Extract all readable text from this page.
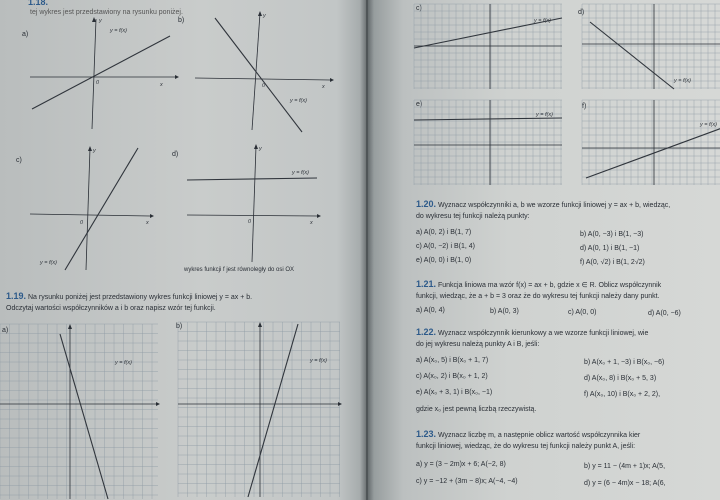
1.18.
tej wykres jest przedstawiony na rysunku poniżej.
a)	y = f(x)
x
y
0
b)
y = f(x)
x
y
0
c)
y = f(x)
x
y
0
d)
y = f(x)
x
y
0
wykres funkcji f jest równoległy do osi OX
1.19. Na rysunku poniżej jest przedstawiony wykres funkcji liniowej y = ax + b.
Odczytaj wartości współczynników a i b oraz napisz wzór tej funkcji.
a)
y = f(x)
b)
y = f(x)
c)
y = f(x)
d)
y = f(x)
e)
y = f(x)
f)
y = f(x)
1.20. Wyznacz współczynniki a, b we wzorze funkcji liniowej y = ax + b, wiedząc,
do wykresu tej funkcji należą punkty:
a) A(0, 2) i B(1, 7)	b) A(0, −3) i B(1, −3)
c) A(0, −2) i B(1, 4)	d) A(0, 1) i B(1, −1)
e) A(0, 0) i B(1, 0)	f) A(0, √2) i B(1, 2√2)
1.21. Funkcja liniowa ma wzór f(x) = ax + b, gdzie x ∈ R. Oblicz współczynnik
funkcji, wiedząc, że a + b = 3 oraz że do wykresu tej funkcji należy dany punkt.
a) A(0, 4)	b) A(0, 3)	c) A(0, 0)	d) A(0, −6)
1.22. Wyznacz współczynnik kierunkowy a we wzorze funkcji liniowej, wie
do jej wykresu należą punkty A i B, jeśli:
a) A(x₀, 5) i B(x₀ + 1, 7)	b) A(x₀ + 1, −3) i B(x₀, −6)
c) A(x₀, 2) i B(x₀ + 1, 2)	d) A(x₀, 8) i B(x₀ + 5, 3)
e) A(x₀ + 3, 1) i B(x₀, −1)	f) A(x₀, 10) i B(x₀ + 2, 2),
gdzie x₀ jest pewną liczbą rzeczywistą.
1.23. Wyznacz liczbę m, a następnie oblicz wartość współczynnika kier
funkcji liniowej, wiedząc, że do wykresu tej funkcji należy punkt A, jeśli:
a) y = (3 − 2m)x + 6; A(−2, 8)	b) y = 11 − (4m + 1)x; A(5,
c) y = −12 + (3m − 8)x; A(−4, −4)	d) y = (6 − 4m)x − 18; A(6,
